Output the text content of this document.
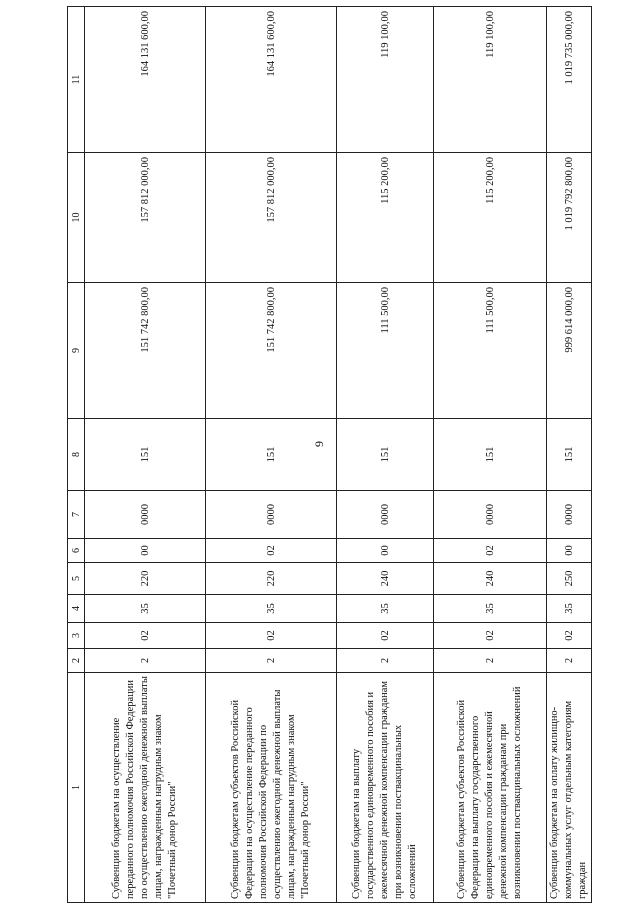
9
1	2	3	4	5	6	7	8	9	10	11
Субвенции бюджетам на осуществление переданного полномочия Российской Федерации по осуществлению ежегодной денежной выплаты лицам, награжденным нагрудным знаком "Почетный донор России"	2	02	35	220	00	0000	151	151 742 800,00	157 812 000,00	164 131 600,00
Субвенции бюджетам субъектов Российской Федерации на осуществление переданного полномочия Российской Федерации по осуществлению ежегодной денежной выплаты лицам, награжденным нагрудным знаком "Почетный донор России"	2	02	35	220	02	0000	151	151 742 800,00	157 812 000,00	164 131 600,00
Субвенции бюджетам на выплату государственного единовременного пособия и ежемесячной денежной компенсации гражданам при возникновении поствакцинальных осложнений	2	02	35	240	00	0000	151	111 500,00	115 200,00	119 100,00
Субвенции бюджетам субъектов Российской Федерации на выплату государственного единовременного пособия и ежемесячной денежной компенсации гражданам при возникновении поствакцинальных осложнений	2	02	35	240	02	0000	151	111 500,00	115 200,00	119 100,00
Субвенции бюджетам на оплату жилищно-коммунальных услуг отдельным категориям граждан	2	02	35	250	00	0000	151	999 614 000,00	1 019 792 800,00	1 019 735 000,00
